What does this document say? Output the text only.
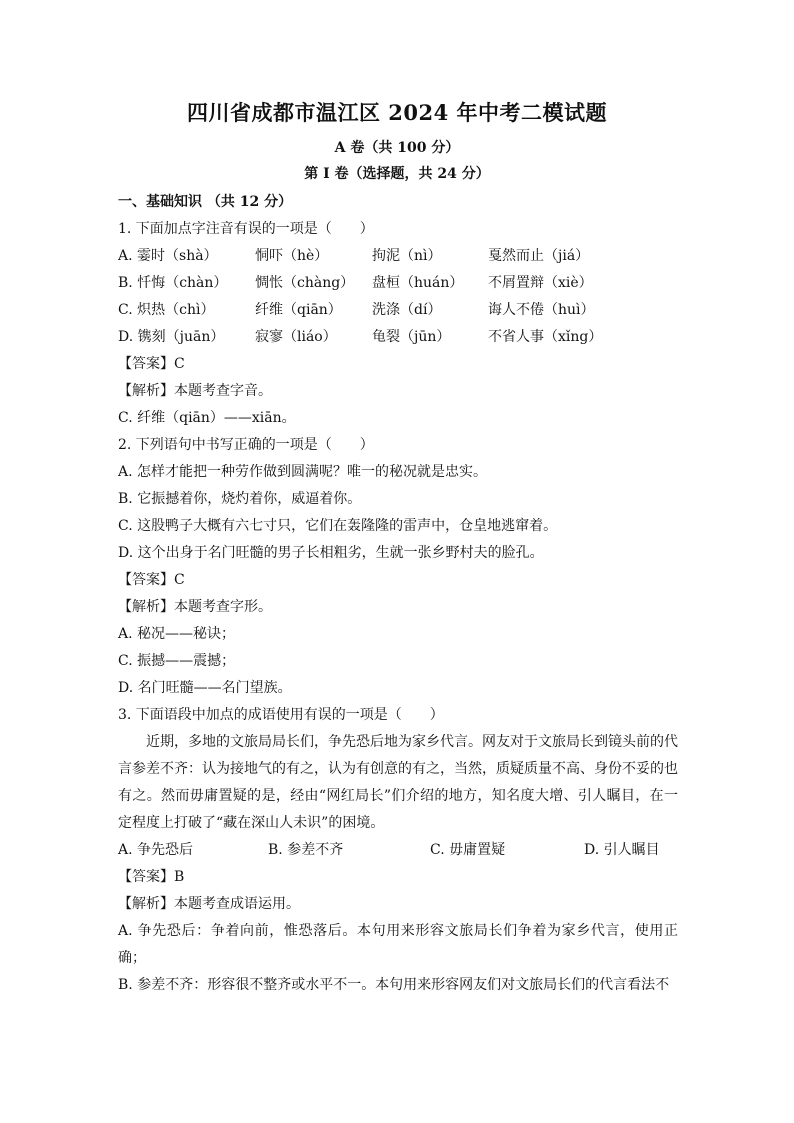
四川省成都市温江区 2024 年中考二模试题
A 卷（共 100 分）
第 I 卷（选择题，共 24 分）
一、基础知识 （共 12 分）
1. 下面加点字注音有误的一项是（　　）
A. 霎时（shà）	恫吓（hè）	拘泥（nì）	戛然而止（jiá）
B. 忏悔（chàn） 惆怅（chàng） 盘桓（huán） 不屑置辩（xiè）
C. 炽热（chì）	纤维（qiān） 洗涤（dí）	诲人不倦（huì）
D. 镌刻（juān） 寂寥（liáo）	龟裂（jūn）	不省人事（xǐng）
【答案】C
【解析】本题考查字音。
C. 纤维（qiān）——xiān。
2. 下列语句中书写正确的一项是（　　）
A. 怎样才能把一种劳作做到圆满呢？唯一的秘况就是忠实。
B. 它振撼着你，烧灼着你，威逼着你。
C. 这股鸭子大概有六七寸只，它们在轰隆隆的雷声中，仓皇地逃窜着。
D. 这个出身于名门旺髓的男子长相粗劣，生就一张乡野村夫的脸孔。
【答案】C
【解析】本题考查字形。
A. 秘况——秘诀；
C. 振撼——震撼；
D. 名门旺髓——名门望族。
3. 下面语段中加点的成语使用有误的一项是（　　）
近期，多地的文旅局局长们，争先恐后地为家乡代言。网友对于文旅局长到镜头前的代言参差不齐：认为接地气的有之，认为有创意的有之，当然，质疑质量不高、身份不妥的也有之。然而毋庸置疑的是，经由“网红局长”们介绍的地方，知名度大增、引人瞩目，在一定程度上打破了“藏在深山人未识”的困境。
A. 争先恐后	B. 参差不齐	C. 毋庸置疑	D. 引人瞩目
【答案】B
【解析】本题考查成语运用。
A. 争先恐后：争着向前，惟恐落后。本句用来形容文旅局长们争着为家乡代言，使用正确；
B. 参差不齐：形容很不整齐或水平不一。本句用来形容网友们对文旅局长们的代言看法不
